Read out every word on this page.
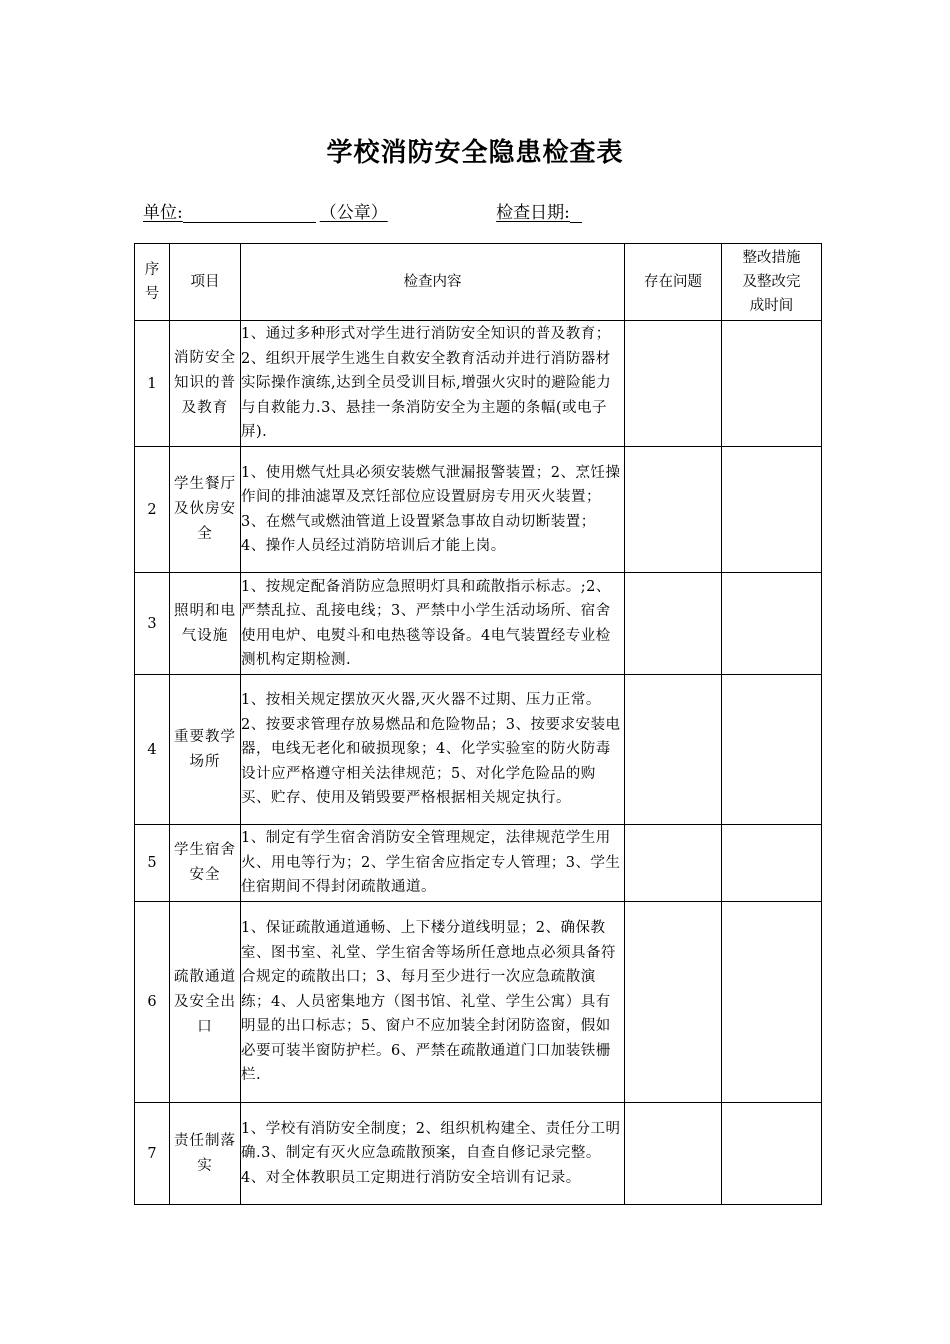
学校消防安全隐患检查表
单位:	（公章）	检查日期:
序号	项目	检查内容	存在问题	整改措施及整改完成时间
1	消防安全知识的普及教育	1、通过多种形式对学生进行消防安全知识的普及教育；2、组织开展学生逃生自救安全教育活动并进行消防器材实际操作演练,达到全员受训目标,增强火灾时的避险能力与自救能力.3、悬挂一条消防安全为主题的条幅(或电子屏).		
2	学生餐厅及伙房安全	1、使用燃气灶具必须安装燃气泄漏报警装置；2、烹饪操作间的排油滤罩及烹饪部位应设置厨房专用灭火装置；3、在燃气或燃油管道上设置紧急事故自动切断装置； 4、操作人员经过消防培训后才能上岗。		
3	照明和电气设施	1、按规定配备消防应急照明灯具和疏散指示标志。;2、严禁乱拉、乱接电线；3、严禁中小学生活动场所、宿舍使用电炉、电熨斗和电热毯等设备。4电气装置经专业检测机构定期检测.		
4	重要教学场所	1、按相关规定摆放灭火器,灭火器不过期、压力正常。2、按要求管理存放易燃品和危险物品；3、按要求安装电器，电线无老化和破损现象；4、化学实验室的防火防毒设计应严格遵守相关法律规范；5、对化学危险品的购买、贮存、使用及销毁要严格根据相关规定执行。		
5	学生宿舍安全	1、制定有学生宿舍消防安全管理规定，法律规范学生用火、用电等行为；2、学生宿舍应指定专人管理；3、学生住宿期间不得封闭疏散通道。		
6	疏散通道及安全出口	1、保证疏散通道通畅、上下楼分道线明显；2、确保教室、图书室、礼堂、学生宿舍等场所任意地点必须具备符合规定的疏散出口；3、每月至少进行一次应急疏散演练；4、人员密集地方（图书馆、礼堂、学生公寓）具有明显的出口标志；5、窗户不应加装全封闭防盗窗，假如必要可装半窗防护栏。6、严禁在疏散通道门口加装铁栅栏.		
7	责任制落实	1、学校有消防安全制度；2、组织机构建全、责任分工明确.3、制定有灭火应急疏散预案，自查自修记录完整。4、对全体教职员工定期进行消防安全培训有记录。		
